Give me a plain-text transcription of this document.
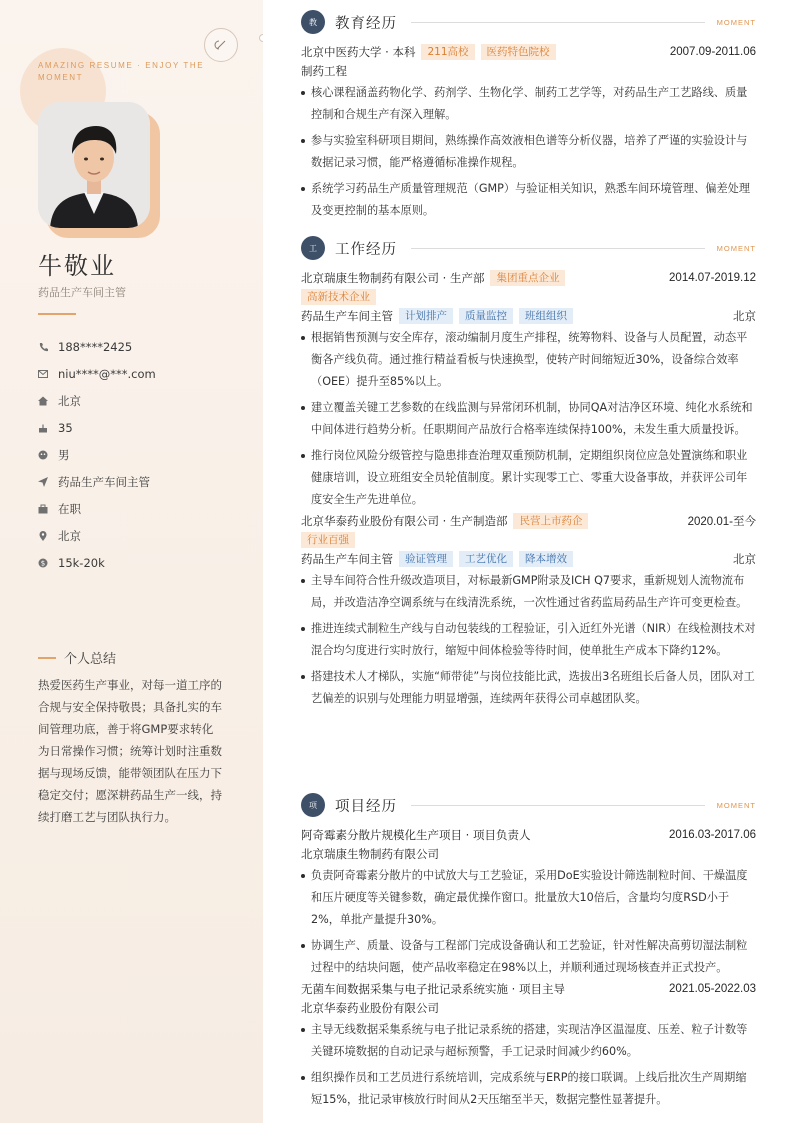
AMAZING RESUME · ENJOY THE MOMENT
牛敬业
药品生产车间主管
188****2425
niu****@***.com
北京
35
男
药品生产车间主管
在职
北京
$ 15k-20k
个人总结

热爱医药生产事业，对每一道工序的合规与安全保持敬畏；具备扎实的车间管理功底，善于将GMP要求转化为日常操作习惯；统筹计划时注重数据与现场反馈，能带领团队在压力下稳定交付；愿深耕药品生产一线，持续打磨工艺与团队执行力。

教	教育经历	MOMENT
北京中医药大学 · 本科	211高校	医药特色院校	2007.09-2011.06
制药工程
核心课程涵盖药物化学、药剂学、生物化学、制药工艺学等，对药品生产工艺路线、质量控制和合规生产有深入理解。
参与实验室科研项目期间，熟练操作高效液相色谱等分析仪器，培养了严谨的实验设计与数据记录习惯，能严格遵循标准操作规程。
系统学习药品生产质量管理规范（GMP）与验证相关知识，熟悉车间环境管理、偏差处理及变更控制的基本原则。
工	工作经历	MOMENT
北京瑞康生物制药有限公司 · 生产部	集团重点企业	2014.07-2019.12
高新技术企业
药品生产车间主管	计划排产	质量监控	班组组织	北京
根据销售预测与安全库存，滚动编制月度生产排程，统筹物料、设备与人员配置，动态平衡各产线负荷。通过推行精益看板与快速换型，使转产时间缩短近30%，设备综合效率（OEE）提升至85%以上。
建立覆盖关键工艺参数的在线监测与异常闭环机制，协同QA对洁净区环境、纯化水系统和中间体进行趋势分析。任职期间产品放行合格率连续保持100%，未发生重大质量投诉。
推行岗位风险分级管控与隐患排查治理双重预防机制，定期组织岗位应急处置演练和职业健康培训，设立班组安全员轮值制度。累计实现零工亡、零重大设备事故，并获评公司年度安全生产先进单位。
北京华泰药业股份有限公司 · 生产制造部	民营上市药企	2020.01-至今
行业百强
药品生产车间主管	验证管理	工艺优化	降本增效	北京
主导车间符合性升级改造项目，对标最新GMP附录及ICH Q7要求，重新规划人流物流布局，并改造洁净空调系统与在线清洗系统，一次性通过省药监局药品生产许可变更检查。
推进连续式制粒生产线与自动包装线的工程验证，引入近红外光谱（NIR）在线检测技术对混合均匀度进行实时放行，缩短中间体检验等待时间，使单批生产成本下降约12%。
搭建技术人才梯队，实施“师带徒”与岗位技能比武，选拔出3名班组长后备人员，团队对工艺偏差的识别与处理能力明显增强，连续两年获得公司卓越团队奖。
项	项目经历	MOMENT
阿奇霉素分散片规模化生产项目 · 项目负责人	2016.03-2017.06
北京瑞康生物制药有限公司
负责阿奇霉素分散片的中试放大与工艺验证，采用DoE实验设计筛选制粒时间、干燥温度和压片硬度等关键参数，确定最优操作窗口。批量放大10倍后，含量均匀度RSD小于2%，单批产量提升30%。
协调生产、质量、设备与工程部门完成设备确认和工艺验证，针对性解决高剪切湿法制粒过程中的结块问题，使产品收率稳定在98%以上，并顺利通过现场核查并正式投产。
无菌车间数据采集与电子批记录系统实施 · 项目主导	2021.05-2022.03
北京华泰药业股份有限公司
主导无线数据采集系统与电子批记录系统的搭建，实现洁净区温湿度、压差、粒子计数等关键环境数据的自动记录与超标预警，手工记录时间减少约60%。
组织操作员和工艺员进行系统培训，完成系统与ERP的接口联调。上线后批次生产周期缩短15%，批记录审核放行时间从2天压缩至半天，数据完整性显著提升。
